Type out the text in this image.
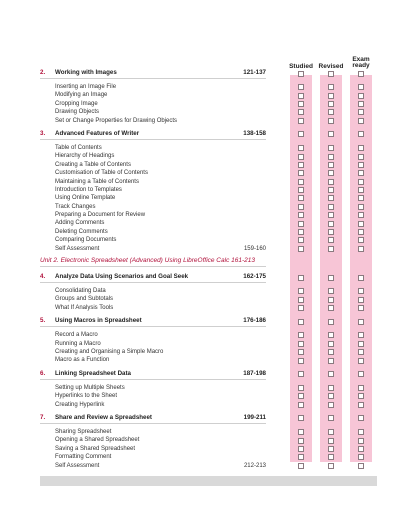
Studied Revised
Exam
ready
2.	Working with Images	121-137
Inserting an Image File
Modifying an Image
Cropping Image
Drawing Objects
Set or Change Properties for Drawing Objects
3.	Advanced Features of Writer	138-158
Table of Contents
Hierarchy of Headings
Creating a Table of Contents
Customisation of Table of Contents
Maintaining a Table of Contents
Introduction to Templates
Using Online Template
Track Changes
Preparing a Document for Review
Adding Comments
Deleting Comments
Comparing Documents
Self Assessment	159-160
Unit 2. Electronic Spreadsheet (Advanced) Using LibreOffice Calc 161-213
4.	Analyze Data Using Scenarios and Goal Seek	162-175
Consolidating Data
Groups and Subtotals
What If Analysis Tools
5.	Using Macros in Spreadsheet	176-186
Record a Macro
Running a Macro
Creating and Organising a Simple Macro
Macro as a Function
6.	Linking Spreadsheet Data	187-198
Setting up Multiple Sheets
Hyperlinks to the Sheet
Creating Hyperlink
7.	Share and Review a Spreadsheet	199-211
Sharing Spreadsheet
Opening a Shared Spreadsheet
Saving a Shared Spreadsheet
Formatting Comment
Self Assessment	212-213
